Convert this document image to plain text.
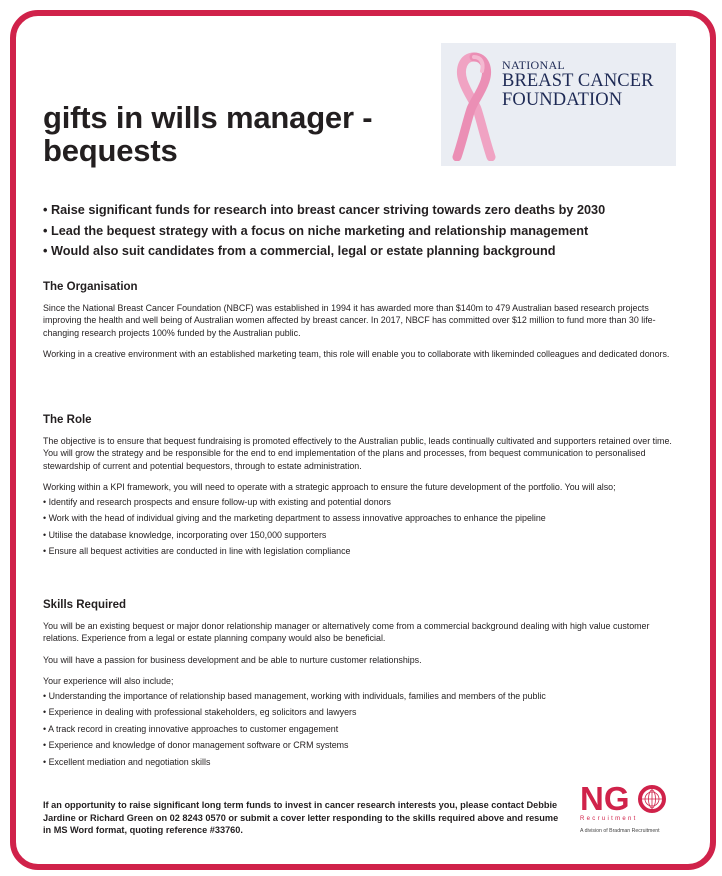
gifts in wills manager -
bequests
NATIONAL
BREAST CANCER
FOUNDATION
• Raise significant funds for research into breast cancer striving towards zero deaths by 2030
• Lead the bequest strategy with a focus on niche marketing and relationship management
• Would also suit candidates from a commercial, legal or estate planning background
The Organisation

Since the National Breast Cancer Foundation (NBCF) was established in 1994 it has awarded more than $140m to 479 Australian based research projects improving the health and well being of Australian women affected by breast cancer. In 2017, NBCF has committed over $12 million to fund more than 30 life-changing research projects 100% funded by the Australian public.

Working in a creative environment with an established marketing team, this role will enable you to collaborate with likeminded colleagues and dedicated donors.

The Role

The objective is to ensure that bequest fundraising is promoted effectively to the Australian public, leads continually cultivated and supporters retained over time. You will grow the strategy and be responsible for the end to end implementation of the plans and processes, from bequest communication to personalised stewardship of current and potential bequestors, through to estate administration.

Working within a KPI framework, you will need to operate with a strategic approach to ensure the future development of the portfolio. You will also;

• Identify and research prospects and ensure follow-up with existing and potential donors
• Work with the head of individual giving and the marketing department to assess innovative approaches to enhance the pipeline
• Utilise the database knowledge, incorporating over 150,000 supporters
• Ensure all bequest activities are conducted in line with legislation compliance
Skills Required

You will be an existing bequest or major donor relationship manager or alternatively come from a commercial background dealing with high value customer relations. Experience from a legal or estate planning company would also be beneficial.

You will have a passion for business development and be able to nurture customer relationships.

Your experience will also include;

• Understanding the importance of relationship based management, working with individuals, families and members of the public
• Experience in dealing with professional stakeholders, eg solicitors and lawyers
• A track record in creating innovative approaches to customer engagement
• Experience and knowledge of donor management software or CRM systems
• Excellent mediation and negotiation skills

If an opportunity to raise significant long term funds to invest in cancer research interests you, please contact Debbie Jardine or Richard Green on 02 8243 0570 or submit a cover letter responding to the skills required above and resume in MS Word format, quoting reference #33760.

NG
Recruitment
A division of Bradman Recruitment
